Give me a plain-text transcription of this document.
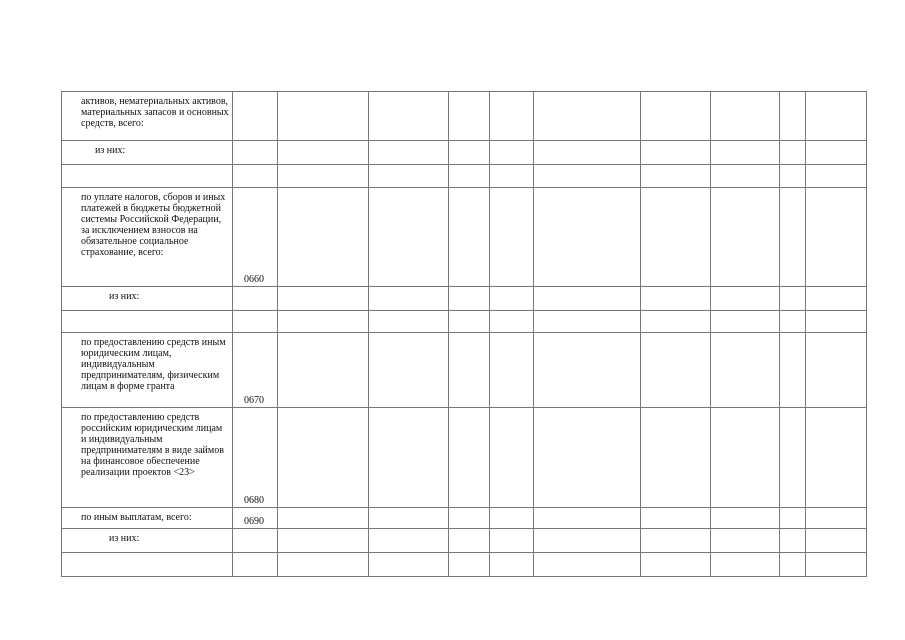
активов, нематериальных активов, материальных запасов и основных средств, всего:										
из них:										

по уплате налогов, сборов и иных платежей в бюджеты бюджетной системы Российской Федерации, за исключением взносов на обязательное социальное страхование, всего:	0660									
из них:										

по предоставлению средств иным юридическим лицам, индивидуальным предпринимателям, физическим лицам в форме гранта	0670									
по предоставлению средств российским юридическим лицам и индивидуальным предпринимателям в виде займов на финансовое обеспечение реализации проектов <23>	0680									
по иным выплатам, всего:	0690									
из них:										
